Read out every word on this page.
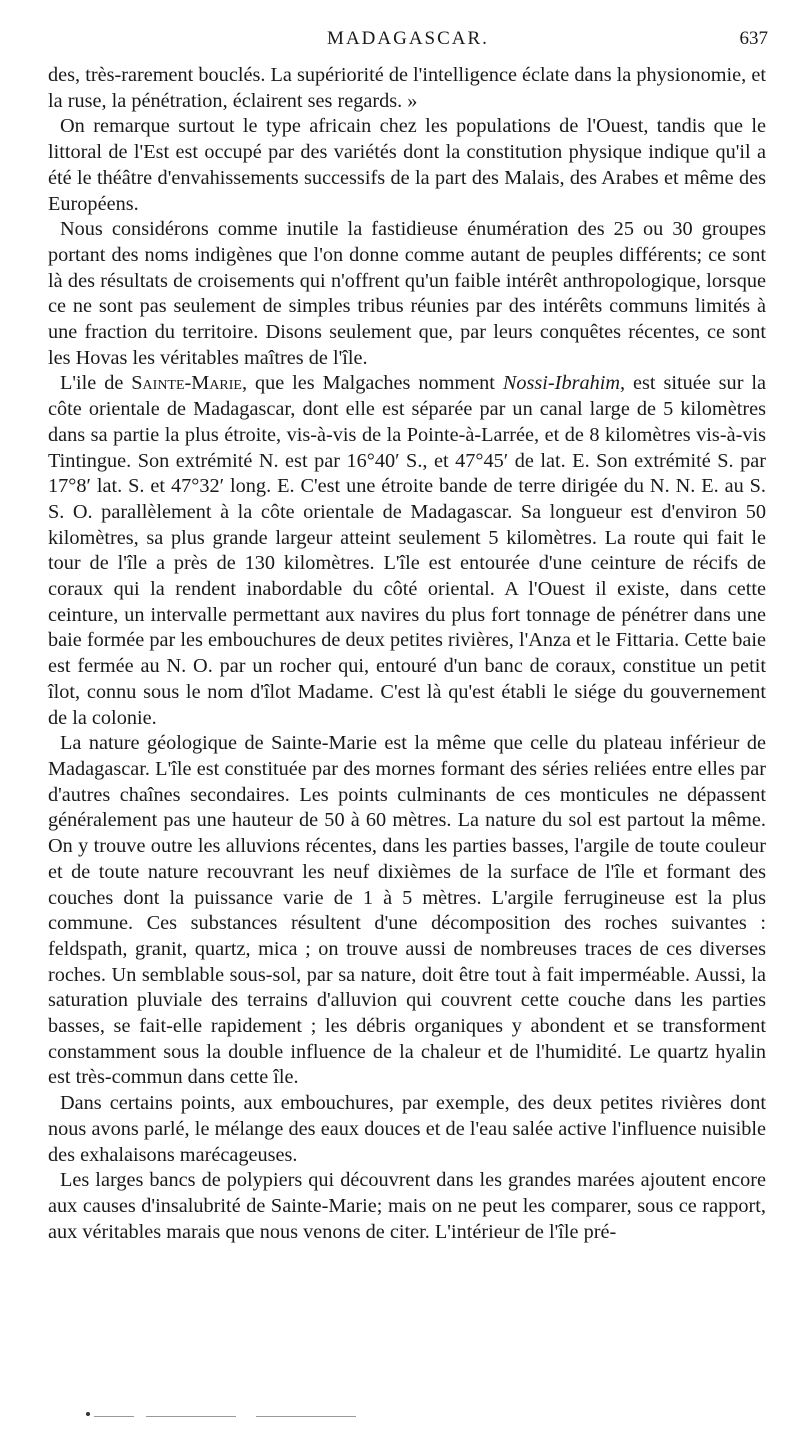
MADAGASCAR.	637

des, très-rarement bouclés. La supériorité de l'intelligence éclate dans la physionomie, et la ruse, la pénétration, éclairent ses regards. »

On remarque surtout le type africain chez les populations de l'Ouest, tandis que le littoral de l'Est est occupé par des variétés dont la constitution physique indique qu'il a été le théâtre d'envahissements successifs de la part des Malais, des Arabes et même des Européens.

Nous considérons comme inutile la fastidieuse énumération des 25 ou 30 groupes portant des noms indigènes que l'on donne comme autant de peuples différents; ce sont là des résultats de croisements qui n'offrent qu'un faible intérêt anthropologique, lorsque ce ne sont pas seulement de simples tribus réunies par des intérêts communs limités à une fraction du territoire. Disons seulement que, par leurs conquêtes récentes, ce sont les Hovas les véritables maîtres de l'île.

L'ile de Sainte-Marie, que les Malgaches nomment Nossi-Ibrahim, est située sur la côte orientale de Madagascar, dont elle est séparée par un canal large de 5 kilomètres dans sa partie la plus étroite, vis-à-vis de la Pointe-à-Larrée, et de 8 kilomètres vis-à-vis Tintingue. Son extrémité N. est par 16°40′ S., et 47°45′ de lat. E. Son extrémité S. par 17°8′ lat. S. et 47°32′ long. E. C'est une étroite bande de terre dirigée du N. N. E. au S. S. O. parallèlement à la côte orientale de Madagascar. Sa longueur est d'environ 50 kilomètres, sa plus grande largeur atteint seulement 5 kilomètres. La route qui fait le tour de l'île a près de 130 kilomètres. L'île est entourée d'une ceinture de récifs de coraux qui la rendent inabordable du côté oriental. A l'Ouest il existe, dans cette ceinture, un intervalle permettant aux navires du plus fort tonnage de pénétrer dans une baie formée par les embouchures de deux petites rivières, l'Anza et le Fittaria. Cette baie est fermée au N. O. par un rocher qui, entouré d'un banc de coraux, constitue un petit îlot, connu sous le nom d'îlot Madame. C'est là qu'est établi le siége du gouvernement de la colonie.

La nature géologique de Sainte-Marie est la même que celle du plateau inférieur de Madagascar. L'île est constituée par des mornes formant des séries reliées entre elles par d'autres chaînes secondaires. Les points culminants de ces monticules ne dépassent généralement pas une hauteur de 50 à 60 mètres. La nature du sol est partout la même. On y trouve outre les alluvions récentes, dans les parties basses, l'argile de toute couleur et de toute nature recouvrant les neuf dixièmes de la surface de l'île et formant des couches dont la puissance varie de 1 à 5 mètres. L'argile ferrugineuse est la plus commune. Ces substances résultent d'une décomposition des roches suivantes : feldspath, granit, quartz, mica ; on trouve aussi de nombreuses traces de ces diverses roches. Un semblable sous-sol, par sa nature, doit être tout à fait imperméable. Aussi, la saturation pluviale des terrains d'alluvion qui couvrent cette couche dans les parties basses, se fait-elle rapidement ; les débris organiques y abondent et se transforment constamment sous la double influence de la chaleur et de l'humidité. Le quartz hyalin est très-commun dans cette île.

Dans certains points, aux embouchures, par exemple, des deux petites rivières dont nous avons parlé, le mélange des eaux douces et de l'eau salée active l'influence nuisible des exhalaisons marécageuses.

Les larges bancs de polypiers qui découvrent dans les grandes marées ajoutent encore aux causes d'insalubrité de Sainte-Marie; mais on ne peut les comparer, sous ce rapport, aux véritables marais que nous venons de citer. L'intérieur de l'île pré-
